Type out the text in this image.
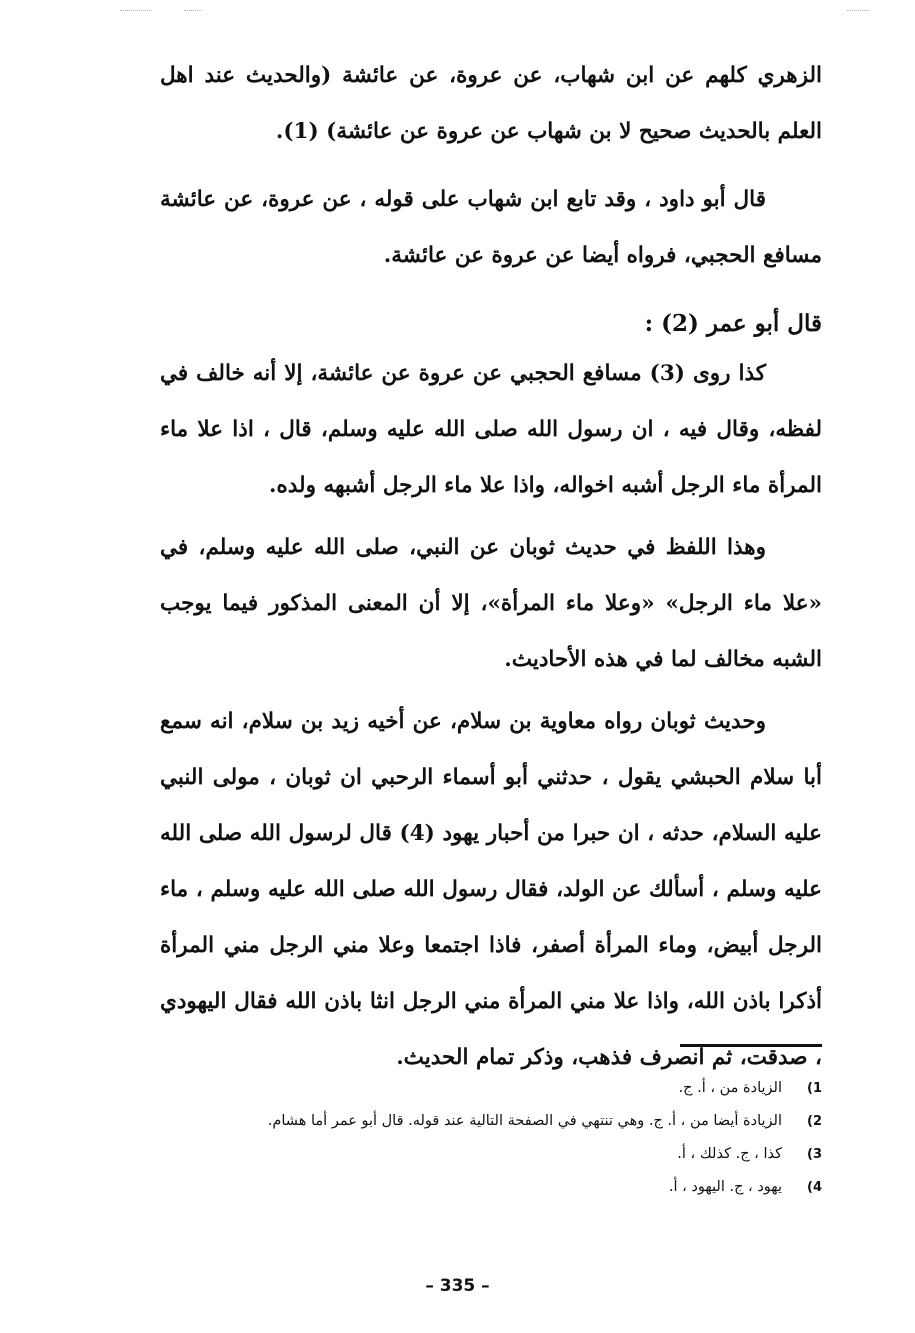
الزهري كلهم عن ابن شهاب، عن عروة، عن عائشة (والحديث عند اهل العلم بالحديث صحيح لا بن شهاب عن عروة عن عائشة) (1).

قال أبو داود ، وقد تابع ابن شهاب على قوله ، عن عروة، عن عائشة مسافع الحجبي، فرواه أيضا عن عروة عن عائشة.

قال أبو عمر (2) :

كذا روى (3) مسافع الحجبي عن عروة عن عائشة، إلا أنه خالف في لفظه، وقال فيه ، ان رسول الله صلى الله عليه وسلم، قال ، اذا علا ماء المرأة ماء الرجل أشبه اخواله، واذا علا ماء الرجل أشبهه ولده.

وهذا اللفظ في حديث ثوبان عن النبي، صلى الله عليه وسلم، في «علا ماء الرجل» «وعلا ماء المرأة»، إلا أن المعنى المذكور فيما يوجب الشبه مخالف لما في هذه الأحاديث.

وحديث ثوبان رواه معاوية بن سلام، عن أخيه زيد بن سلام، انه سمع أبا سلام الحبشي يقول ، حدثني أبو أسماء الرحبي ان ثوبان ، مولى النبي عليه السلام، حدثه ، ان حبرا من أحبار يهود (4) قال لرسول الله صلى الله عليه وسلم ، أسألك عن الولد، فقال رسول الله صلى الله عليه وسلم ، ماء الرجل أبيض، وماء المرأة أصفر، فاذا اجتمعا وعلا مني الرجل مني المرأة أذكرا باذن الله، واذا علا مني المرأة مني الرجل انثا باذن الله فقال اليهودي ، صدقت، ثم انصرف فذهب، وذكر تمام الحديث.

1)
الزيادة من ، أ. ج.
2)
الزيادة أيضا من ، أ. ج. وهي تنتهي في الصفحة التالية عند قوله. قال أبو عمر أما هشام.
3)
كذا ، ج. كذلك ، أ.
4)
يهود ، ج. اليهود ، أ.
– 335 –
